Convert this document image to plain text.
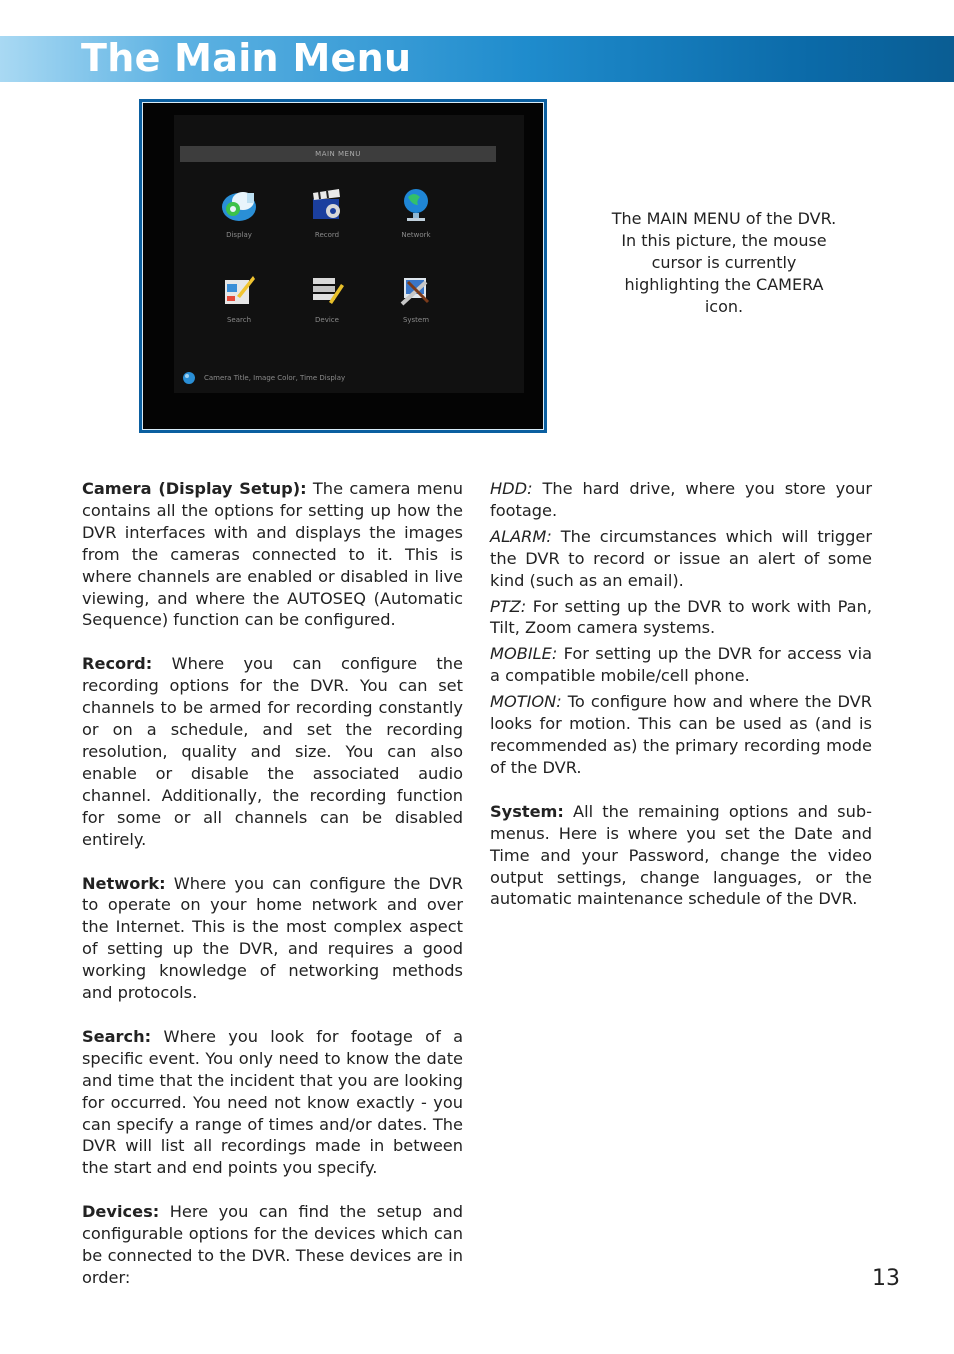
The Main Menu
MAIN MENU
Display	Record	Network
Search	Device	System
Camera Title, Image Color, Time Display
The MAIN MENU of the DVR. In this picture, the mouse cursor is currently highlighting the CAMERA icon.

Camera (Display Setup): The camera menu contains all the options for setting up how the DVR interfaces with and displays the images from the cameras connected to it. This is where channels are enabled or disabled in live viewing, and where the AUTOSEQ (Automatic Sequence) function can be configured.

Record: Where you can configure the recording options for the DVR. You can set channels to be armed for recording constantly or on a schedule, and set the recording resolution, quality and size. You can also enable or disable the associated audio channel. Additionally, the recording function for some or all channels can be disabled entirely.

Network: Where you can configure the DVR to operate on your home network and over the Internet. This is the most complex aspect of setting up the DVR, and requires a good working knowledge of networking methods and protocols.

Search: Where you look for footage of a specific event. You only need to know the date and time that the incident that you are looking for occurred. You need not know exactly - you can specify a range of times and/or dates. The DVR will list all recordings made in between the start and end points you specify.

Devices: Here you can find the setup and configurable options for the devices which can be connected to the DVR. These devices are in order:

HDD: The hard drive, where you store your footage.

ALARM: The circumstances which will trigger the DVR to record or issue an alert of some kind (such as an email).

PTZ: For setting up the DVR to work with Pan, Tilt, Zoom camera systems.

MOBILE: For setting up the DVR for access via a compatible mobile/cell phone.

MOTION: To configure how and where the DVR looks for motion. This can be used as (and is recommended as) the primary recording mode of the DVR.

System: All the remaining options and sub-menus. Here is where you set the Date and Time and your Password, change the video output settings, change languages, or the automatic maintenance schedule of the DVR.

13
